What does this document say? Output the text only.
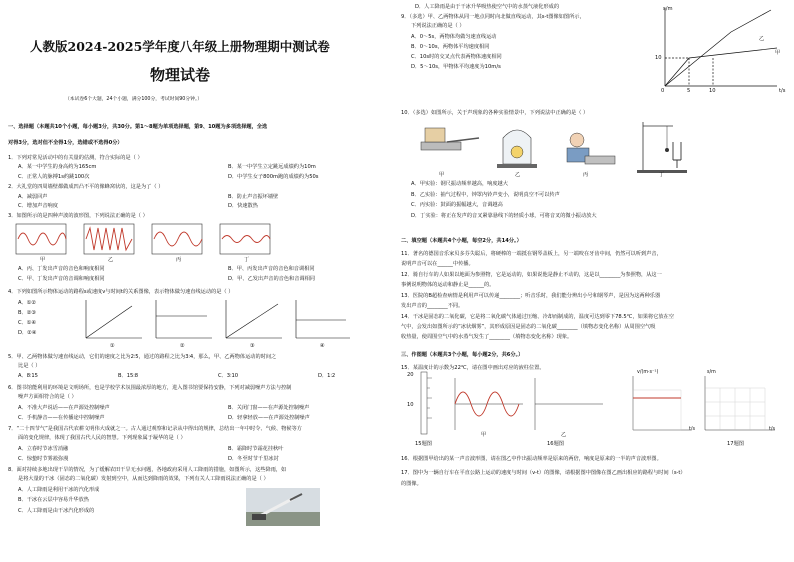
人教版2024-2025学年度八年级上册物理期中测试卷
物理试卷
（本试卷6个大题，24个小题，满分100分，考试时间90分钟。）
一、选择题（本题共10个小题，每小题3分，共30分。第1～8题为单项选择题，第9、10题为多项选择题，全选
对得3分，选对但不全得1分，选错或不选得0分）
1．下列对常见活动中的有关量的估测，符合实际的是（ ）
A．某一中学生的身高约为165cm	B．某一中学生立定跳远成绩约为10m
C．正常人的脉搏1s约跳100次	D．中学生女子800m跑的成绩约为50s
2．大礼堂的四周墙壁都做成凹凸不平的像蜂窝状的，这是为了（ ）
A．减弱回声	B．防止声音振坏墙壁
C．增加声音响度	D．快速散热
3．如图所示的是四种声波的波形图，下列说法正确的是（ ）
甲	乙	丙	丁
A．丙、丁发出声音的音色和响度相同	B．甲、丙发出声音的音色和音调相同
C．甲、丁发出声音的音调和响度相同	D．甲、乙发出声音的音色和音调相同
4．下列如图所示物体运动的路程s或速度v与时间t的关系图像，表示物体做匀速直线运动的是（ ）
A．①②
B．②③
C．①④
D．②④
①	②	③	④
5．甲、乙两物体做匀速直线运动，它们的速度之比为2∶5，通过的路程之比为3∶4，那么，甲、乙两物体运动的时间之
比是（ ）
A．8∶15	B．15∶8	C．3∶10	D．1∶2
6．图书馆能利用的环境是文明场所，也是学校学术氛围最浓厚的地方，进入图书馆要保持安静，下列对减弱噪声方法与控制
噪声方面相符合的是（ ）
A．不准大声说话——在声源处控制噪声	B．关闭门窗——在声源处控制噪声
C．手机静音——在传播途中控制噪声	D．轻拿轻放——在声源处控制噪声
7．“二十四节气”是我国古代农耕文明伟大成就之一。古人通过观察和记录从中得出的规律，总结出一年中时令、气候、物候等方
面的变化规律，体现了我国古代人民的智慧。下列现象属于凝华的是（ ）
A．立春时节冰雪消融	B．霜降时节霜花挂秋叶
C．惊蛰时节雾凇弥漫	D．冬至时节千里冰封
8．面对持续多地出现干旱的情况，为了缓解农田干旱无水问题，各地政府采用人工降雨的措施，如图所示，这些降雨，如
是将大量的干冰（固态的二氧化碳）发射到空中，从而达到降雨的效果，下列有关人工降雨说法正确的是（ ）
A．人工降雨是利用干冰的汽化形成
B．干冰在云层中容易升华放热
C．人工降雨是由干冰汽化形成的
D．人工降雨是由于干冰升华吸热使空气中的水蒸气液化形成的
9．（多选）甲、乙两物体从同一地点同时向北做直线运动，其s-t图像如图所示，
下列说法正确的是（ ）
A．0～5s，两物体均做匀速直线运动
B．0～10s，两物体平均速度相同
C．10s时的交叉点代表两物体速度相同
D．5～10s，甲物体平均速度为10m/s
s/m
t/s
10
0	5	10
甲
乙
10．（多选）如图所示，关于声现象的各种实验情景中，下列说法中正确的是（ ）
甲	乙	丙	丁
A．甲实验：钢尺振动频率越高，响度越大
B．乙实验：抽气过程中，钟罩内铃声变小，说明真空不可以传声
C．丙实验：鼓面的振幅越大，音调越高
D．丁实验：将正在发声的音叉紧靠悬线下的轻质小球，可将音叉的微小振动放大
二、填空题（本题共4个小题，每空2分，共14分。）
11．著名的德国音乐家贝多芬失聪后，将硬棒的一端抵在钢琴盖板上，另一端咬在牙齿中间，仍然可以听到声音，
说明声音可以在______中传播。
12．骑自行车的人如果以地面为参照物，它是运动的，如果说他是静止不动的，这是以________为参照物，从这一
事例说明物体的运动和静止是______的。
13．医院的B超检查病情是利用声可以传递________；听音乐时，我们能分辨出小号和钢琴声，是因为这两种乐器
发出声音的________不同。
14．干冰是固态的二氧化碳，它是将二氧化碳气体通过压缩、冷却而制成的，温度可达到零下78.5℃，如果将它放在空
气中，会发出如图所示的“冰状烟雾”，其形成原因是固态的二氧化碳________（填物态变化名称）从周围空气吸
收热量，使周围空气中的水蒸气发生了________（填物态变化名称）现象。
三、作图题（本题共3个小题，每小题2分，共6分。）
15．某温度计的示数为22℃，请在图中画出对应的液柱位置。
20
10
甲	乙
v/(m·s⁻¹)	s/m
t/s	t/s
15题图	16题图	17题图
16．根据图甲给出的某一声音波形图，请在图乙中作出振动频率是原来的两倍，响度是原来的一半的声音波形图。
17．图中为一辆自行车在平直公路上运动的速度与时间（v-t）的图像，请根据图中图像在图乙画出相应的路程与时间（s-t）
的图像。
